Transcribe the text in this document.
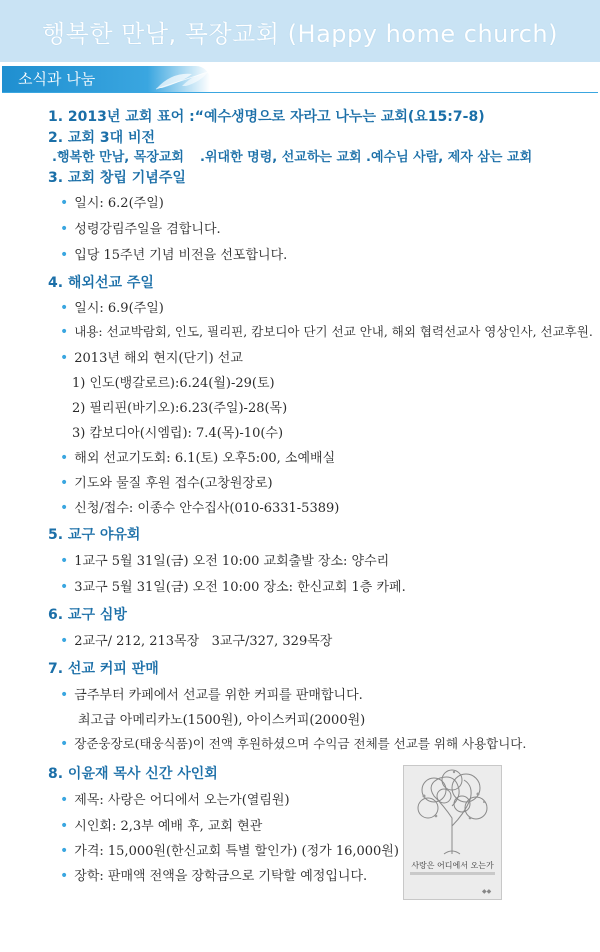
행복한 만남, 목장교회 (Happy home church)
소식과 나눔
1. 2013년 교회 표어 :“예수생명으로 자라고 나누는 교회(요15:7-8)
2. 교회 3대 비전
.행복한 만남, 목장교회 .위대한 명령, 선교하는 교회 .예수님 사람, 제자 삼는 교회
3. 교회 창립 기념주일
• 일시: 6.2(주일)
• 성령강림주일을 겸합니다.
• 입당 15주년 기념 비전을 선포합니다.
4. 해외선교 주일
• 일시: 6.9(주일)
• 내용: 선교박람회, 인도, 필리핀, 캄보디아 단기 선교 안내, 해외 협력선교사 영상인사, 선교후원.
• 2013년 해외 현지(단기) 선교
1) 인도(뱅갈로르):6.24(월)-29(토)
2) 필리핀(바기오):6.23(주일)-28(목)
3) 캄보디아(시엠립): 7.4(목)-10(수)
• 해외 선교기도회: 6.1(토) 오후5:00, 소예배실
• 기도와 물질 후원 접수(고창원장로)
• 신청/접수: 이종수 안수집사(010-6331-5389)
5. 교구 야유회
• 1교구 5월 31일(금) 오전 10:00 교회출발 장소: 양수리
• 3교구 5월 31일(금) 오전 10:00 장소: 한신교회 1층 카페.
6. 교구 심방
• 2교구/ 212, 213목장   3교구/327, 329목장
7. 선교 커피 판매
• 금주부터 카페에서 선교를 위한 커피를 판매합니다.
최고급 아메리카노(1500원), 아이스커피(2000원)
• 장준웅장로(태웅식품)이 전액 후원하셨으며 수익금 전체를 선교를 위해 사용합니다.
8. 이윤재 목사 신간 사인회
• 제목: 사랑은 어디에서 오는가(열림원)
• 시인회: 2,3부 예배 후, 교회 현관
• 가격: 15,000원(한신교회 특별 할인가) (정가 16,000원)
• 장학: 판매액 전액을 장학금으로 기탁할 예정입니다.
사랑은 어디에서 오는가
◆◆
